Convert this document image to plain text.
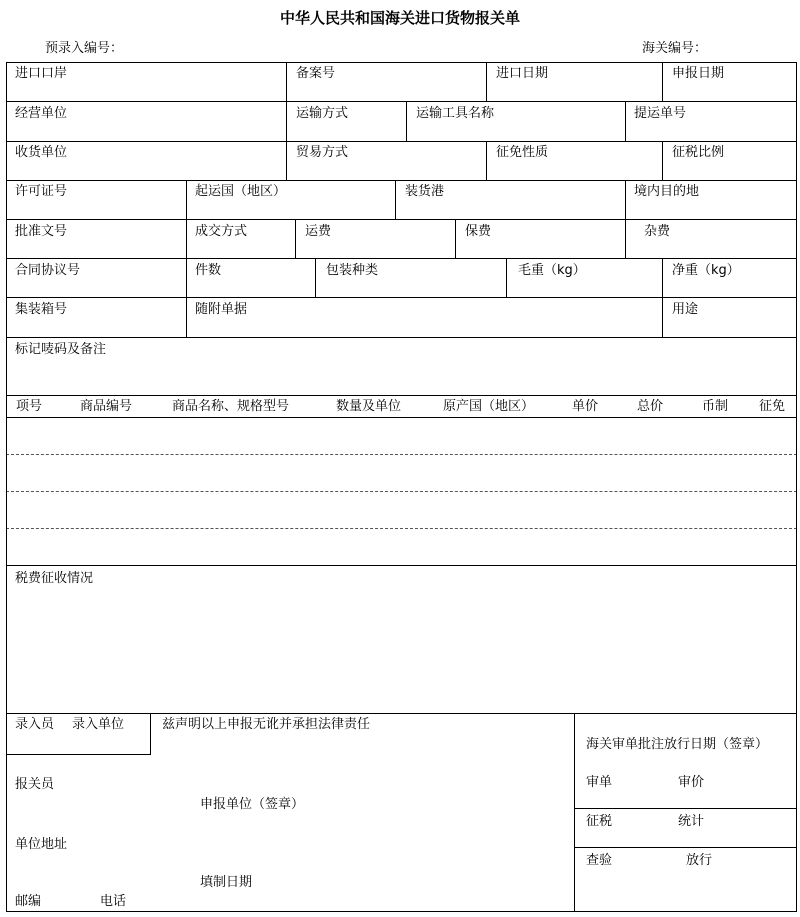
中华人民共和国海关进口货物报关单
预录入编号：	海关编号：
进口口岸	备案号	进口日期	申报日期
经营单位	运输方式	运输工具名称	提运单号
收货单位	贸易方式	征免性质	征税比例
许可证号	起运国（地区）	装货港	境内目的地
批准文号	成交方式	运费	保费	杂费
合同协议号	件数	包装种类	毛重（kg）	净重（kg）
集装箱号	随附单据	用途
标记唛码及备注
项号	商品编号	商品名称、规格型号	数量及单位	原产国（地区）	单价	总价	币制 征免
税费征收情况
录入员 录入单位	兹声明以上申报无讹并承担法律责任
报关员
申报单位（签章）
单位地址
填制日期
邮编	电话
海关审单批注放行日期（签章）
审单	审价
征税	统计
查验	放行
